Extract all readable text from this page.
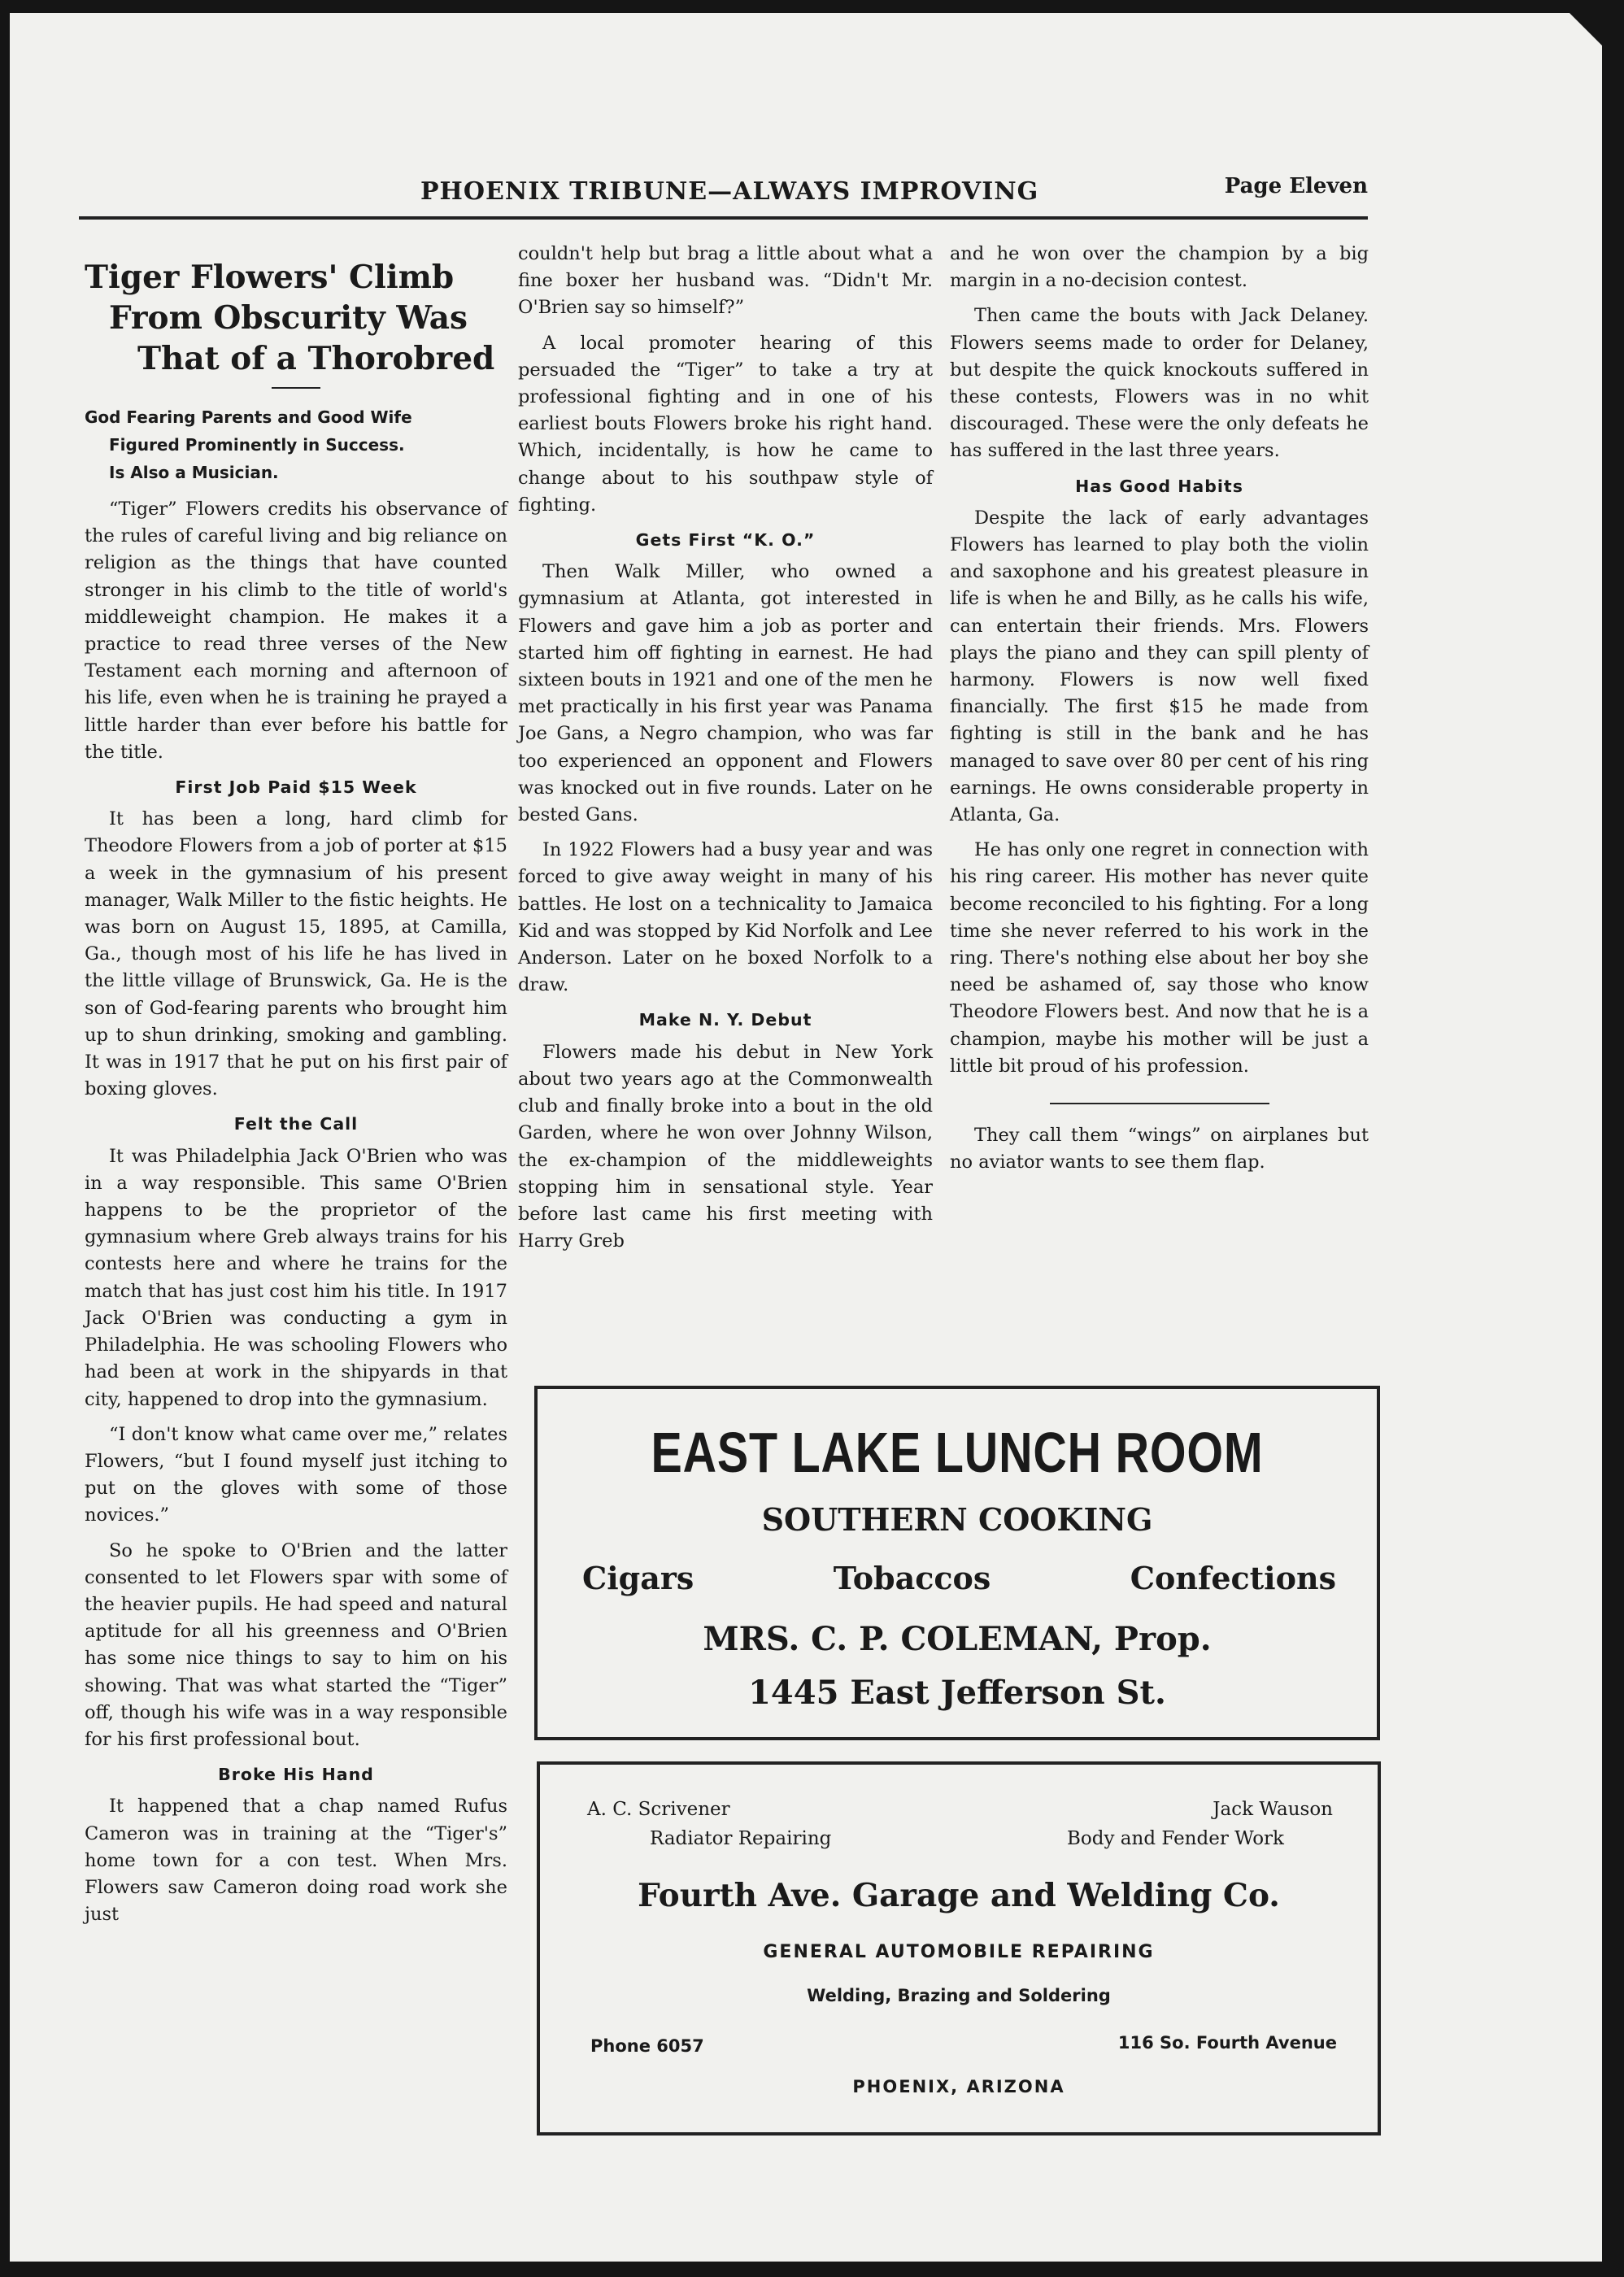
PHOENIX TRIBUNE—ALWAYS IMPROVING	Page Eleven
Tiger Flowers' Climb
From Obscurity Was
That of a Thorobred
God Fearing Parents and Good Wife
Figured Prominently in Success.
Is Also a Musician.

“Tiger” Flowers credits his observance of the rules of careful living and big reliance on religion as the things that have counted stronger in his climb to the title of world's middleweight champion. He makes it a practice to read three verses of the New Testament each morning and afternoon of his life, even when he is training he prayed a little harder than ever before his battle for the title.

First Job Paid $15 Week

It has been a long, hard climb for Theodore Flowers from a job of porter at $15 a week in the gymnasium of his present manager, Walk Miller to the fistic heights. He was born on August 15, 1895, at Camilla, Ga., though most of his life he has lived in the little village of Brunswick, Ga. He is the son of God-fearing parents who brought him up to shun drinking, smoking and gambling. It was in 1917 that he put on his first pair of boxing gloves.

Felt the Call

It was Philadelphia Jack O'Brien who was in a way responsible. This same O'Brien happens to be the proprietor of the gymnasium where Greb always trains for his contests here and where he trains for the match that has just cost him his title. In 1917 Jack O'Brien was conducting a gym in Philadelphia. He was schooling Flowers who had been at work in the shipyards in that city, happened to drop into the gymnasium.

“I don't know what came over me,” relates Flowers, “but I found myself just itching to put on the gloves with some of those novices.”

So he spoke to O'Brien and the latter consented to let Flowers spar with some of the heavier pupils. He had speed and natural aptitude for all his greenness and O'Brien has some nice things to say to him on his showing. That was what started the “Tiger” off, though his wife was in a way responsible for his first professional bout.

Broke His Hand

It happened that a chap named Rufus Cameron was in training at the “Tiger's” home town for a con test. When Mrs. Flowers saw Cameron doing road work she just

couldn't help but brag a little about what a fine boxer her husband was. “Didn't Mr. O'Brien say so himself?”

A local promoter hearing of this persuaded the “Tiger” to take a try at professional fighting and in one of his earliest bouts Flowers broke his right hand. Which, incidentally, is how he came to change about to his southpaw style of fighting.

Gets First “K. O.”

Then Walk Miller, who owned a gymnasium at Atlanta, got interested in Flowers and gave him a job as porter and started him off fighting in earnest. He had sixteen bouts in 1921 and one of the men he met practically in his first year was Panama Joe Gans, a Negro champion, who was far too experienced an opponent and Flowers was knocked out in five rounds. Later on he bested Gans.

In 1922 Flowers had a busy year and was forced to give away weight in many of his battles. He lost on a technicality to Jamaica Kid and was stopped by Kid Norfolk and Lee Anderson. Later on he boxed Norfolk to a draw.

Make N. Y. Debut

Flowers made his debut in New York about two years ago at the Commonwealth club and finally broke into a bout in the old Garden, where he won over Johnny Wilson, the ex-champion of the middleweights stopping him in sensational style. Year before last came his first meeting with Harry Greb

and he won over the champion by a big margin in a no-decision contest.

Then came the bouts with Jack Delaney. Flowers seems made to order for Delaney, but despite the quick knockouts suffered in these contests, Flowers was in no whit discouraged. These were the only defeats he has suffered in the last three years.

Has Good Habits

Despite the lack of early advantages Flowers has learned to play both the violin and saxophone and his greatest pleasure in life is when he and Billy, as he calls his wife, can entertain their friends. Mrs. Flowers plays the piano and they can spill plenty of harmony. Flowers is now well fixed financially. The first $15 he made from fighting is still in the bank and he has managed to save over 80 per cent of his ring earnings. He owns considerable property in Atlanta, Ga.

He has only one regret in connection with his ring career. His mother has never quite become reconciled to his fighting. For a long time she never referred to his work in the ring. There's nothing else about her boy she need be ashamed of, say those who know Theodore Flowers best. And now that he is a champion, maybe his mother will be just a little bit proud of his profession.

They call them “wings” on airplanes but no aviator wants to see them flap.

EAST LAKE LUNCH ROOM
SOUTHERN COOKING
Cigars	Tobaccos	Confections
MRS. C. P. COLEMAN, Prop.
1445 East Jefferson St.
A. C. Scrivener	Jack Wauson
Radiator Repairing	Body and Fender Work
Fourth Ave. Garage and Welding Co.
GENERAL AUTOMOBILE REPAIRING
Welding, Brazing and Soldering
Phone 6057	116 So. Fourth Avenue
PHOENIX, ARIZONA
